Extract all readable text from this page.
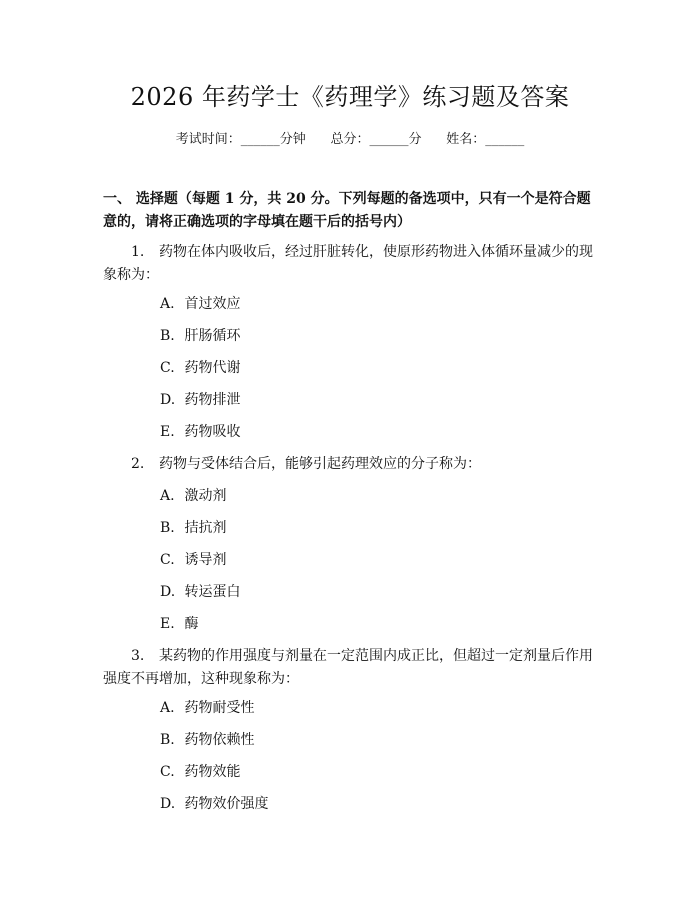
2026 年药学士《药理学》练习题及答案
考试时间：______分钟      总分：______分      姓名：______
一、 选择题（每题 1 分，共 20 分。下列每题的备选项中，只有一个是符合题意的，请将正确选项的字母填在题干后的括号内）
1. 药物在体内吸收后，经过肝脏转化，使原形药物进入体循环量减少的现象称为：
A. 首过效应
B. 肝肠循环
C. 药物代谢
D. 药物排泄
E. 药物吸收
2. 药物与受体结合后，能够引起药理效应的分子称为：
A. 激动剂
B. 拮抗剂
C. 诱导剂
D. 转运蛋白
E. 酶
3. 某药物的作用强度与剂量在一定范围内成正比，但超过一定剂量后作用强度不再增加，这种现象称为：
A. 药物耐受性
B. 药物依赖性
C. 药物效能
D. 药物效价强度
